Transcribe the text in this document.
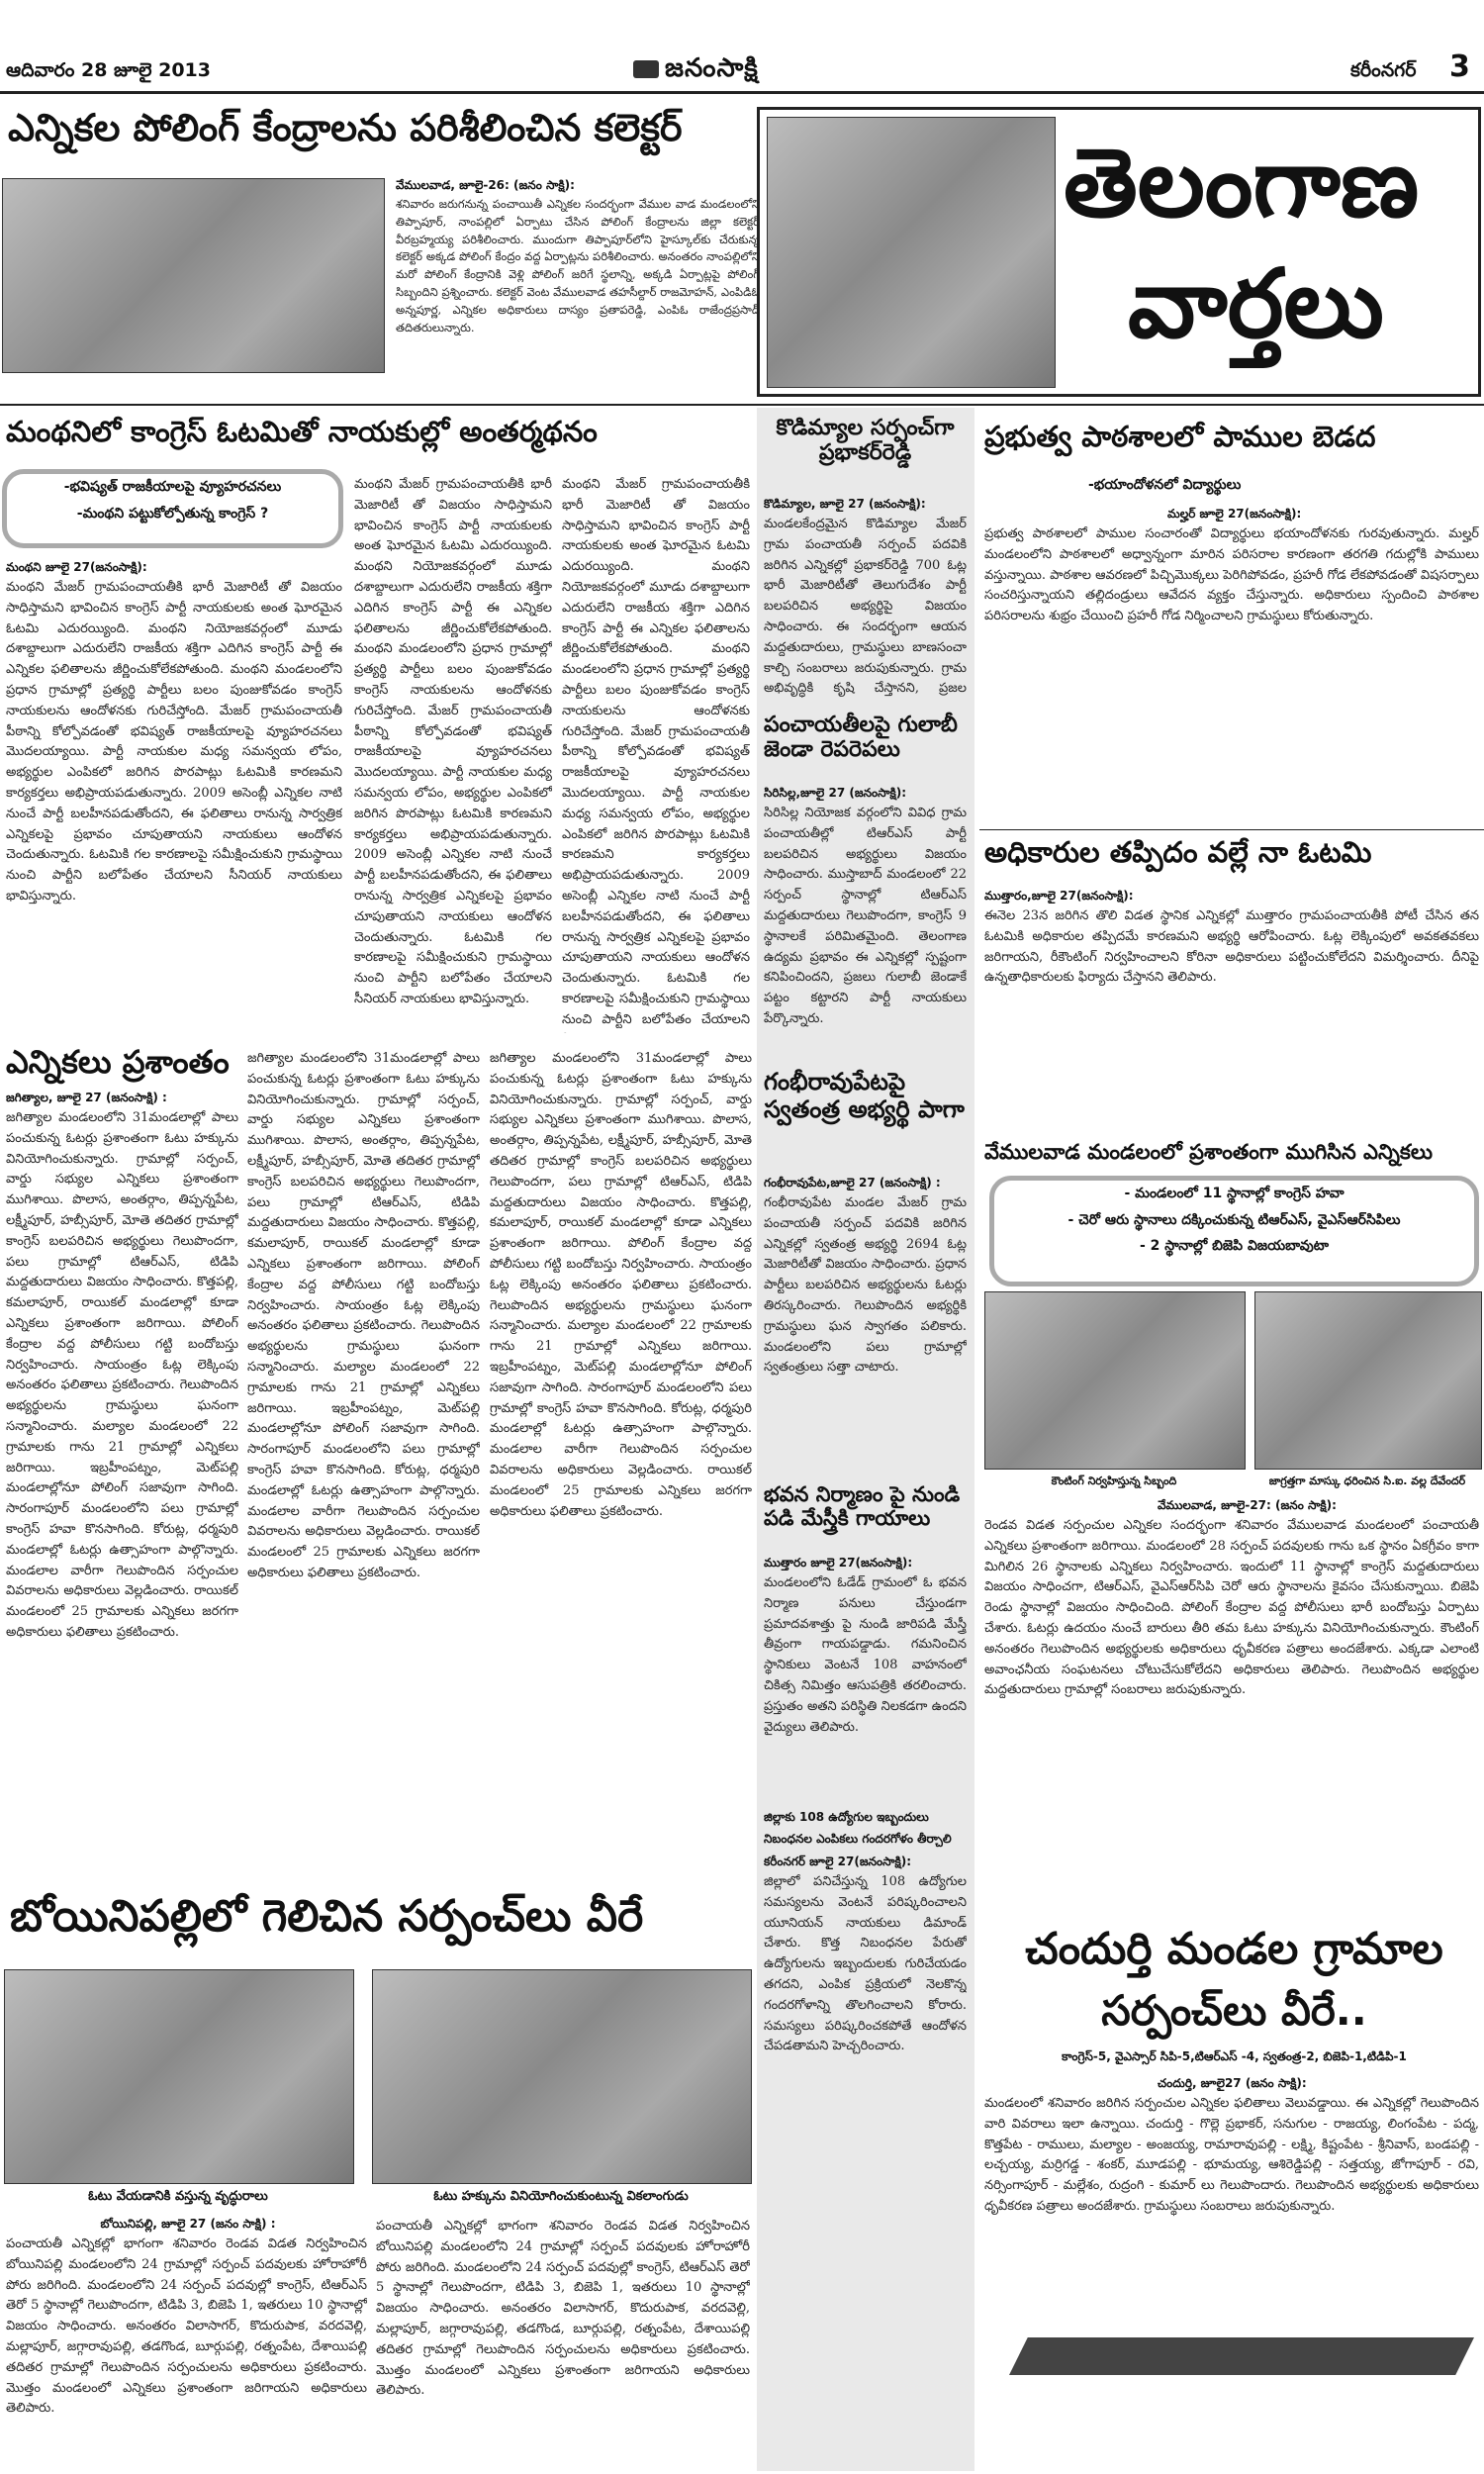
ఆదివారం 28 జూలై 2013	జనంసాక్షి	కరీంనగర్ 3
ఎన్నికల పోలింగ్ కేంద్రాలను పరిశీలించిన కలెక్టర్
వేములవాడ, జూలై-26: (జనం సాక్షి):
శనివారం జరుగనున్న పంచాయితీ ఎన్నికల సందర్భంగా వేముల వాడ మండలంలోని తిప్పాపూర్, నాంపల్లిలో ఏర్పాటు చేసిన పోలింగ్ కేంద్రాలను జిల్లా కలెక్టర్ వీరబ్రహ్మయ్య పరిశీలించారు. ముందుగా తిప్పాపూర్‌లోని హైస్కూల్‌కు చేరుకున్న కలెక్టర్ అక్కడ పోలింగ్ కేంద్రం వద్ద ఏర్పాట్లను పరిశీలించారు. అనంతరం నాంపల్లిలోని మరో పోలింగ్ కేంద్రానికి వెళ్లి పోలింగ్ జరిగే స్థలాన్ని, అక్కడి ఏర్పాట్లపై పోలింగ్ సిబ్బందిని ప్రశ్నించారు. కలెక్టర్ వెంట వేములవాడ తహసీల్దార్ రాజమోహన్, ఎంపిడిఓ అన్నపూర్ణ, ఎన్నికల అధికారులు దాస్యం ప్రతాపరెడ్డి, ఎంపిఓ రాజేంద్రప్రసాద్ తదితరులున్నారు.
తెలంగాణ
వార్తలు
మంథనిలో కాంగ్రెస్ ఓటమితో నాయకుల్లో అంతర్మథనం
-భవిష్యత్ రాజకీయాలపై వ్యూహరచనలు
-మంథని పట్టుకోల్పోతున్న కాంగ్రెస్ ?
మంథని జూలై 27(జనంసాక్షి):
మంథని మేజర్ గ్రామపంచాయతీకి భారీ మెజారిటీ తో విజయం సాధిస్తామని భావించిన కాంగ్రెస్ పార్టీ నాయకులకు అంత ఘోరమైన ఓటమి ఎదురయ్యింది. మంథని నియోజకవర్గంలో మూడు దశాబ్దాలుగా ఎదురులేని రాజకీయ శక్తిగా ఎదిగిన కాంగ్రెస్ పార్టీ ఈ ఎన్నికల ఫలితాలను జీర్ణించుకోలేకపోతుంది. మంథని మండలంలోని ప్రధాన గ్రామాల్లో ప్రత్యర్థి పార్టీలు బలం పుంజుకోవడం కాంగ్రెస్ నాయకులను ఆందోళనకు గురిచేస్తోంది. మేజర్ గ్రామపంచాయతీ పీఠాన్ని కోల్పోవడంతో భవిష్యత్ రాజకీయాలపై వ్యూహరచనలు మొదలయ్యాయి. పార్టీ నాయకుల మధ్య సమన్వయ లోపం, అభ్యర్థుల ఎంపికలో జరిగిన పొరపాట్లు ఓటమికి కారణమని కార్యకర్తలు అభిప్రాయపడుతున్నారు. 2009 అసెంబ్లీ ఎన్నికల నాటి నుంచే పార్టీ బలహీనపడుతోందని, ఈ ఫలితాలు రానున్న సార్వత్రిక ఎన్నికలపై ప్రభావం చూపుతాయని నాయకులు ఆందోళన చెందుతున్నారు. ఓటమికి గల కారణాలపై సమీక్షించుకుని గ్రామస్థాయి నుంచి పార్టీని బలోపేతం చేయాలని సీనియర్ నాయకులు భావిస్తున్నారు.
మంథని మేజర్ గ్రామపంచాయతీకి భారీ మెజారిటీ తో విజయం సాధిస్తామని భావించిన కాంగ్రెస్ పార్టీ నాయకులకు అంత ఘోరమైన ఓటమి ఎదురయ్యింది. మంథని నియోజకవర్గంలో మూడు దశాబ్దాలుగా ఎదురులేని రాజకీయ శక్తిగా ఎదిగిన కాంగ్రెస్ పార్టీ ఈ ఎన్నికల ఫలితాలను జీర్ణించుకోలేకపోతుంది. మంథని మండలంలోని ప్రధాన గ్రామాల్లో ప్రత్యర్థి పార్టీలు బలం పుంజుకోవడం కాంగ్రెస్ నాయకులను ఆందోళనకు గురిచేస్తోంది. మేజర్ గ్రామపంచాయతీ పీఠాన్ని కోల్పోవడంతో భవిష్యత్ రాజకీయాలపై వ్యూహరచనలు మొదలయ్యాయి. పార్టీ నాయకుల మధ్య సమన్వయ లోపం, అభ్యర్థుల ఎంపికలో జరిగిన పొరపాట్లు ఓటమికి కారణమని కార్యకర్తలు అభిప్రాయపడుతున్నారు. 2009 అసెంబ్లీ ఎన్నికల నాటి నుంచే పార్టీ బలహీనపడుతోందని, ఈ ఫలితాలు రానున్న సార్వత్రిక ఎన్నికలపై ప్రభావం చూపుతాయని నాయకులు ఆందోళన చెందుతున్నారు. ఓటమికి గల కారణాలపై సమీక్షించుకుని గ్రామస్థాయి నుంచి పార్టీని బలోపేతం చేయాలని సీనియర్ నాయకులు భావిస్తున్నారు.
మంథని మేజర్ గ్రామపంచాయతీకి భారీ మెజారిటీ తో విజయం సాధిస్తామని భావించిన కాంగ్రెస్ పార్టీ నాయకులకు అంత ఘోరమైన ఓటమి ఎదురయ్యింది. మంథని నియోజకవర్గంలో మూడు దశాబ్దాలుగా ఎదురులేని రాజకీయ శక్తిగా ఎదిగిన కాంగ్రెస్ పార్టీ ఈ ఎన్నికల ఫలితాలను జీర్ణించుకోలేకపోతుంది. మంథని మండలంలోని ప్రధాన గ్రామాల్లో ప్రత్యర్థి పార్టీలు బలం పుంజుకోవడం కాంగ్రెస్ నాయకులను ఆందోళనకు గురిచేస్తోంది. మేజర్ గ్రామపంచాయతీ పీఠాన్ని కోల్పోవడంతో భవిష్యత్ రాజకీయాలపై వ్యూహరచనలు మొదలయ్యాయి. పార్టీ నాయకుల మధ్య సమన్వయ లోపం, అభ్యర్థుల ఎంపికలో జరిగిన పొరపాట్లు ఓటమికి కారణమని కార్యకర్తలు అభిప్రాయపడుతున్నారు. 2009 అసెంబ్లీ ఎన్నికల నాటి నుంచే పార్టీ బలహీనపడుతోందని, ఈ ఫలితాలు రానున్న సార్వత్రిక ఎన్నికలపై ప్రభావం చూపుతాయని నాయకులు ఆందోళన చెందుతున్నారు. ఓటమికి గల కారణాలపై సమీక్షించుకుని గ్రామస్థాయి నుంచి పార్టీని బలోపేతం చేయాలని
ఎన్నికలు ప్రశాంతం
జగిత్యాల, జూలై 27 (జనంసాక్షి) :
జగిత్యాల మండలంలోని 31మండలాల్లో పాలు పంచుకున్న ఓటర్లు ప్రశాంతంగా ఓటు హక్కును వినియోగించుకున్నారు. గ్రామాల్లో సర్పంచ్, వార్డు సభ్యుల ఎన్నికలు ప్రశాంతంగా ముగిశాయి. పొలాస, అంతర్గాం, తిప్పన్నపేట, లక్ష్మీపూర్, హబ్సీపూర్, మోతె తదితర గ్రామాల్లో కాంగ్రెస్ బలపరిచిన అభ్యర్థులు గెలుపొందగా, పలు గ్రామాల్లో టిఆర్ఎస్, టిడిపి మద్దతుదారులు విజయం సాధించారు. కొత్తపల్లి, కమలాపూర్, రాయికల్ మండలాల్లో కూడా ఎన్నికలు ప్రశాంతంగా జరిగాయి. పోలింగ్ కేంద్రాల వద్ద పోలీసులు గట్టి బందోబస్తు నిర్వహించారు. సాయంత్రం ఓట్ల లెక్కింపు అనంతరం ఫలితాలు ప్రకటించారు. గెలుపొందిన అభ్యర్థులను గ్రామస్థులు ఘనంగా సన్మానించారు. మల్యాల మండలంలో 22 గ్రామాలకు గాను 21 గ్రామాల్లో ఎన్నికలు జరిగాయి. ఇబ్రహీంపట్నం, మెట్‌పల్లి మండలాల్లోనూ పోలింగ్ సజావుగా సాగింది. సారంగాపూర్ మండలంలోని పలు గ్రామాల్లో కాంగ్రెస్ హవా కొనసాగింది. కోరుట్ల, ధర్మపురి మండలాల్లో ఓటర్లు ఉత్సాహంగా పాల్గొన్నారు. మండలాల వారీగా గెలుపొందిన సర్పంచుల వివరాలను అధికారులు వెల్లడించారు. రాయికల్ మండలంలో 25 గ్రామాలకు ఎన్నికలు జరగగా అధికారులు ఫలితాలు ప్రకటించారు.
జగిత్యాల మండలంలోని 31మండలాల్లో పాలు పంచుకున్న ఓటర్లు ప్రశాంతంగా ఓటు హక్కును వినియోగించుకున్నారు. గ్రామాల్లో సర్పంచ్, వార్డు సభ్యుల ఎన్నికలు ప్రశాంతంగా ముగిశాయి. పొలాస, అంతర్గాం, తిప్పన్నపేట, లక్ష్మీపూర్, హబ్సీపూర్, మోతె తదితర గ్రామాల్లో కాంగ్రెస్ బలపరిచిన అభ్యర్థులు గెలుపొందగా, పలు గ్రామాల్లో టిఆర్ఎస్, టిడిపి మద్దతుదారులు విజయం సాధించారు. కొత్తపల్లి, కమలాపూర్, రాయికల్ మండలాల్లో కూడా ఎన్నికలు ప్రశాంతంగా జరిగాయి. పోలింగ్ కేంద్రాల వద్ద పోలీసులు గట్టి బందోబస్తు నిర్వహించారు. సాయంత్రం ఓట్ల లెక్కింపు అనంతరం ఫలితాలు ప్రకటించారు. గెలుపొందిన అభ్యర్థులను గ్రామస్థులు ఘనంగా సన్మానించారు. మల్యాల మండలంలో 22 గ్రామాలకు గాను 21 గ్రామాల్లో ఎన్నికలు జరిగాయి. ఇబ్రహీంపట్నం, మెట్‌పల్లి మండలాల్లోనూ పోలింగ్ సజావుగా సాగింది. సారంగాపూర్ మండలంలోని పలు గ్రామాల్లో కాంగ్రెస్ హవా కొనసాగింది. కోరుట్ల, ధర్మపురి మండలాల్లో ఓటర్లు ఉత్సాహంగా పాల్గొన్నారు. మండలాల వారీగా గెలుపొందిన సర్పంచుల వివరాలను అధికారులు వెల్లడించారు. రాయికల్ మండలంలో 25 గ్రామాలకు ఎన్నికలు జరగగా అధికారులు ఫలితాలు ప్రకటించారు.
జగిత్యాల మండలంలోని 31మండలాల్లో పాలు పంచుకున్న ఓటర్లు ప్రశాంతంగా ఓటు హక్కును వినియోగించుకున్నారు. గ్రామాల్లో సర్పంచ్, వార్డు సభ్యుల ఎన్నికలు ప్రశాంతంగా ముగిశాయి. పొలాస, అంతర్గాం, తిప్పన్నపేట, లక్ష్మీపూర్, హబ్సీపూర్, మోతె తదితర గ్రామాల్లో కాంగ్రెస్ బలపరిచిన అభ్యర్థులు గెలుపొందగా, పలు గ్రామాల్లో టిఆర్ఎస్, టిడిపి మద్దతుదారులు విజయం సాధించారు. కొత్తపల్లి, కమలాపూర్, రాయికల్ మండలాల్లో కూడా ఎన్నికలు ప్రశాంతంగా జరిగాయి. పోలింగ్ కేంద్రాల వద్ద పోలీసులు గట్టి బందోబస్తు నిర్వహించారు. సాయంత్రం ఓట్ల లెక్కింపు అనంతరం ఫలితాలు ప్రకటించారు. గెలుపొందిన అభ్యర్థులను గ్రామస్థులు ఘనంగా సన్మానించారు. మల్యాల మండలంలో 22 గ్రామాలకు గాను 21 గ్రామాల్లో ఎన్నికలు జరిగాయి. ఇబ్రహీంపట్నం, మెట్‌పల్లి మండలాల్లోనూ పోలింగ్ సజావుగా సాగింది. సారంగాపూర్ మండలంలోని పలు గ్రామాల్లో కాంగ్రెస్ హవా కొనసాగింది. కోరుట్ల, ధర్మపురి మండలాల్లో ఓటర్లు ఉత్సాహంగా పాల్గొన్నారు. మండలాల వారీగా గెలుపొందిన సర్పంచుల వివరాలను అధికారులు వెల్లడించారు. రాయికల్ మండలంలో 25 గ్రామాలకు ఎన్నికలు జరగగా అధికారులు ఫలితాలు ప్రకటించారు.
బోయినిపల్లిలో గెలిచిన సర్పంచ్‌లు వీరే
ఓటు వేయడానికి వస్తున్న వృద్ధురాలు	ఓటు హక్కును వినియోగించుకుంటున్న వికలాంగుడు
బోయినిపల్లి, జూలై 27 (జనం సాక్షి) :
పంచాయతీ ఎన్నికల్లో భాగంగా శనివారం రెండవ విడత నిర్వహించిన బోయినిపల్లి మండలంలోని 24 గ్రామాల్లో సర్పంచ్ పదవులకు హోరాహోరీ పోరు జరిగింది. మండలంలోని 24 సర్పంచ్ పదవుల్లో కాంగ్రెస్, టిఆర్ఎస్ తెరో 5 స్థానాల్లో గెలుపొందగా, టిడిపి 3, బిజెపి 1, ఇతరులు 10 స్థానాల్లో విజయం సాధించారు. అనంతరం విలాసాగర్, కొదురుపాక, వరదవెల్లి, మల్లాపూర్, జగ్గారావుపల్లి, తడగొండ, బూర్గుపల్లి, రత్నంపేట, దేశాయిపల్లి తదితర గ్రామాల్లో గెలుపొందిన సర్పంచులను అధికారులు ప్రకటించారు. మొత్తం మండలంలో ఎన్నికలు ప్రశాంతంగా జరిగాయని అధికారులు తెలిపారు.
పంచాయతీ ఎన్నికల్లో భాగంగా శనివారం రెండవ విడత నిర్వహించిన బోయినిపల్లి మండలంలోని 24 గ్రామాల్లో సర్పంచ్ పదవులకు హోరాహోరీ పోరు జరిగింది. మండలంలోని 24 సర్పంచ్ పదవుల్లో కాంగ్రెస్, టిఆర్ఎస్ తెరో 5 స్థానాల్లో గెలుపొందగా, టిడిపి 3, బిజెపి 1, ఇతరులు 10 స్థానాల్లో విజయం సాధించారు. అనంతరం విలాసాగర్, కొదురుపాక, వరదవెల్లి, మల్లాపూర్, జగ్గారావుపల్లి, తడగొండ, బూర్గుపల్లి, రత్నంపేట, దేశాయిపల్లి తదితర గ్రామాల్లో గెలుపొందిన సర్పంచులను అధికారులు ప్రకటించారు. మొత్తం మండలంలో ఎన్నికలు ప్రశాంతంగా జరిగాయని అధికారులు తెలిపారు.
కొడిమ్యాల సర్పంచ్‌గా ప్రభాకర్‌రెడ్డి
కొడిమ్యాల, జూలై 27 (జనంసాక్షి):
మండలకేంద్రమైన కొడిమ్యాల మేజర్ గ్రామ పంచాయతీ సర్పంచ్ పదవికి జరిగిన ఎన్నికల్లో ప్రభాకర్‌రెడ్డి 700 ఓట్ల భారీ మెజారిటీతో తెలుగుదేశం పార్టీ బలపరిచిన అభ్యర్థిపై విజయం సాధించారు. ఈ సందర్భంగా ఆయన మద్దతుదారులు, గ్రామస్థులు బాణసంచా కాల్చి సంబరాలు జరుపుకున్నారు. గ్రామ అభివృద్ధికి కృషి చేస్తానని, ప్రజల
పంచాయతీలపై గులాబీ జెండా రెపరెపలు
సిరిసిల్ల,జూలై 27 (జనంసాక్షి):
సిరిసిల్ల నియోజక వర్గంలోని వివిధ గ్రామ పంచాయతీల్లో టిఆర్ఎస్ పార్టీ బలపరిచిన అభ్యర్థులు విజయం సాధించారు. ముస్తాబాద్ మండలంలో 22 సర్పంచ్ స్థానాల్లో టిఆర్ఎస్ మద్దతుదారులు గెలుపొందగా, కాంగ్రెస్ 9 స్థానాలకే పరిమితమైంది. తెలంగాణ ఉద్యమ ప్రభావం ఈ ఎన్నికల్లో స్పష్టంగా కనిపించిందని, ప్రజలు గులాబీ జెండాకే పట్టం కట్టారని పార్టీ నాయకులు పేర్కొన్నారు.
గంభీరావుపేటపై స్వతంత్ర అభ్యర్థి పాగా
గంభీరావుపేట,జూలై 27 (జనంసాక్షి) :
గంభీరావుపేట మండల మేజర్ గ్రామ పంచాయతీ సర్పంచ్ పదవికి జరిగిన ఎన్నికల్లో స్వతంత్ర అభ్యర్థి 2694 ఓట్ల మెజారిటీతో విజయం సాధించారు. ప్రధాన పార్టీలు బలపరిచిన అభ్యర్థులను ఓటర్లు తిరస్కరించారు. గెలుపొందిన అభ్యర్థికి గ్రామస్థులు ఘన స్వాగతం పలికారు. మండలంలోని పలు గ్రామాల్లో స్వతంత్రులు సత్తా చాటారు.
భవన నిర్మాణం పై నుండి పడి మేస్త్రీకి గాయాలు
ముత్తారం జూలై 27(జనంసాక్షి):
మండలంలోని ఓడేడ్ గ్రామంలో ఓ భవన నిర్మాణ పనులు చేస్తుండగా ప్రమాదవశాత్తు పై నుండి జారిపడి మేస్త్రీ తీవ్రంగా గాయపడ్డాడు. గమనించిన స్థానికులు వెంటనే 108 వాహనంలో చికిత్స నిమిత్తం ఆసుపత్రికి తరలించారు. ప్రస్తుతం అతని పరిస్థితి నిలకడగా ఉందని వైద్యులు తెలిపారు.
జిల్లాకు 108 ఉద్యోగుల ఇబ్బందులు
నిబంధనల ఎంపికలు గందరగోళం తీర్చాలి
కరీంనగర్ జూలై 27(జనంసాక్షి):
జిల్లాలో పనిచేస్తున్న 108 ఉద్యోగుల సమస్యలను వెంటనే పరిష్కరించాలని యూనియన్ నాయకులు డిమాండ్ చేశారు. కొత్త నిబంధనల పేరుతో ఉద్యోగులను ఇబ్బందులకు గురిచేయడం తగదని, ఎంపిక ప్రక్రియలో నెలకొన్న గందరగోళాన్ని తొలగించాలని కోరారు. సమస్యలు పరిష్కరించకపోతే ఆందోళన చేపడతామని హెచ్చరించారు.
ప్రభుత్వ పాఠశాలలో పాముల బెడద
-భయాందోళనలో విద్యార్థులు
మల్హర్ జూలై 27(జనంసాక్షి):
ప్రభుత్వ పాఠశాలలో పాముల సంచారంతో విద్యార్థులు భయాందోళనకు గురవుతున్నారు. మల్హర్ మండలంలోని పాఠశాలలో అధ్వాన్నంగా మారిన పరిసరాల కారణంగా తరగతి గదుల్లోకి పాములు వస్తున్నాయి. పాఠశాల ఆవరణలో పిచ్చిమొక్కలు పెరిగిపోవడం, ప్రహరీ గోడ లేకపోవడంతో విషసర్పాలు సంచరిస్తున్నాయని తల్లిదండ్రులు ఆవేదన వ్యక్తం చేస్తున్నారు. అధికారులు స్పందించి పాఠశాల పరిసరాలను శుభ్రం చేయించి ప్రహరీ గోడ నిర్మించాలని గ్రామస్థులు కోరుతున్నారు.
అధికారుల తప్పిదం వల్లే నా ఓటమి
ముత్తారం,జూలై 27(జనంసాక్షి):
ఈనెల 23న జరిగిన తొలి విడత స్థానిక ఎన్నికల్లో ముత్తారం గ్రామపంచాయతీకి పోటీ చేసిన తన ఓటమికి అధికారుల తప్పిదమే కారణమని అభ్యర్థి ఆరోపించారు. ఓట్ల లెక్కింపులో అవకతవకలు జరిగాయని, రీకౌంటింగ్ నిర్వహించాలని కోరినా అధికారులు పట్టించుకోలేదని విమర్శించారు. దీనిపై ఉన్నతాధికారులకు ఫిర్యాదు చేస్తానని తెలిపారు.
వేములవాడ మండలంలో ప్రశాంతంగా ముగిసిన ఎన్నికలు
- మండలంలో 11 స్థానాల్లో కాంగ్రెస్ హవా
- చెరో ఆరు స్థానాలు దక్కించుకున్న టిఆర్ఎస్, వైఎస్ఆర్‌సిపిలు
- 2 స్థానాల్లో బిజెపి విజయబావుటా
కౌంటింగ్ నిర్వహిస్తున్న సిబ్బంది	జాగ్రత్తగా మాస్కు ధరించిన సి.ఐ. వల్ల దేవేందర్
వేములవాడ, జూలై-27: (జనం సాక్షి):
రెండవ విడత సర్పంచుల ఎన్నికల సందర్భంగా శనివారం వేములవాడ మండలంలో పంచాయతీ ఎన్నికలు ప్రశాంతంగా జరిగాయి. మండలంలో 28 సర్పంచ్ పదవులకు గాను ఒక స్థానం ఏకగ్రీవం కాగా మిగిలిన 26 స్థానాలకు ఎన్నికలు నిర్వహించారు. ఇందులో 11 స్థానాల్లో కాంగ్రెస్ మద్దతుదారులు విజయం సాధించగా, టిఆర్ఎస్, వైఎస్ఆర్‌సిపి చెరో ఆరు స్థానాలను కైవసం చేసుకున్నాయి. బిజెపి రెండు స్థానాల్లో విజయం సాధించింది. పోలింగ్ కేంద్రాల వద్ద పోలీసులు భారీ బందోబస్తు ఏర్పాటు చేశారు. ఓటర్లు ఉదయం నుంచే బారులు తీరి తమ ఓటు హక్కును వినియోగించుకున్నారు. కౌంటింగ్ అనంతరం గెలుపొందిన అభ్యర్థులకు అధికారులు ధృవీకరణ పత్రాలు అందజేశారు. ఎక్కడా ఎలాంటి అవాంఛనీయ సంఘటనలు చోటుచేసుకోలేదని అధికారులు తెలిపారు. గెలుపొందిన అభ్యర్థుల మద్దతుదారులు గ్రామాల్లో సంబరాలు జరుపుకున్నారు.
చందుర్తి మండల గ్రామాల
సర్పంచ్‌లు వీరే..
కాంగ్రెస్-5, వైఎస్సార్ సిపి-5,టిఆర్ఎస్ -4, స్వతంత్ర-2, బిజెపి-1,టిడిపి-1
చందుర్తి, జూలై27 (జనం సాక్షి):
మండలంలో శనివారం జరిగిన సర్పంచుల ఎన్నికల ఫలితాలు వెలువడ్డాయి. ఈ ఎన్నికల్లో గెలుపొందిన వారి వివరాలు ఇలా ఉన్నాయి. చందుర్తి - గొల్లె ప్రభాకర్, సనుగుల - రాజయ్య, లింగంపేట - పద్మ, కొత్తపేట - రాములు, మల్యాల - అంజయ్య, రామారావుపల్లి - లక్ష్మి, కిష్టంపేట - శ్రీనివాస్, బండపల్లి - లచ్చయ్య, మర్రిగడ్డ - శంకర్, మూడపల్లి - భూమయ్య, ఆశిరెడ్డిపల్లి - సత్తయ్య, జోగాపూర్ - రవి, నర్సింగాపూర్ - మల్లేశం, రుద్రంగి - కుమార్ లు గెలుపొందారు. గెలుపొందిన అభ్యర్థులకు అధికారులు ధృవీకరణ పత్రాలు అందజేశారు. గ్రామస్థులు సంబరాలు జరుపుకున్నారు.
